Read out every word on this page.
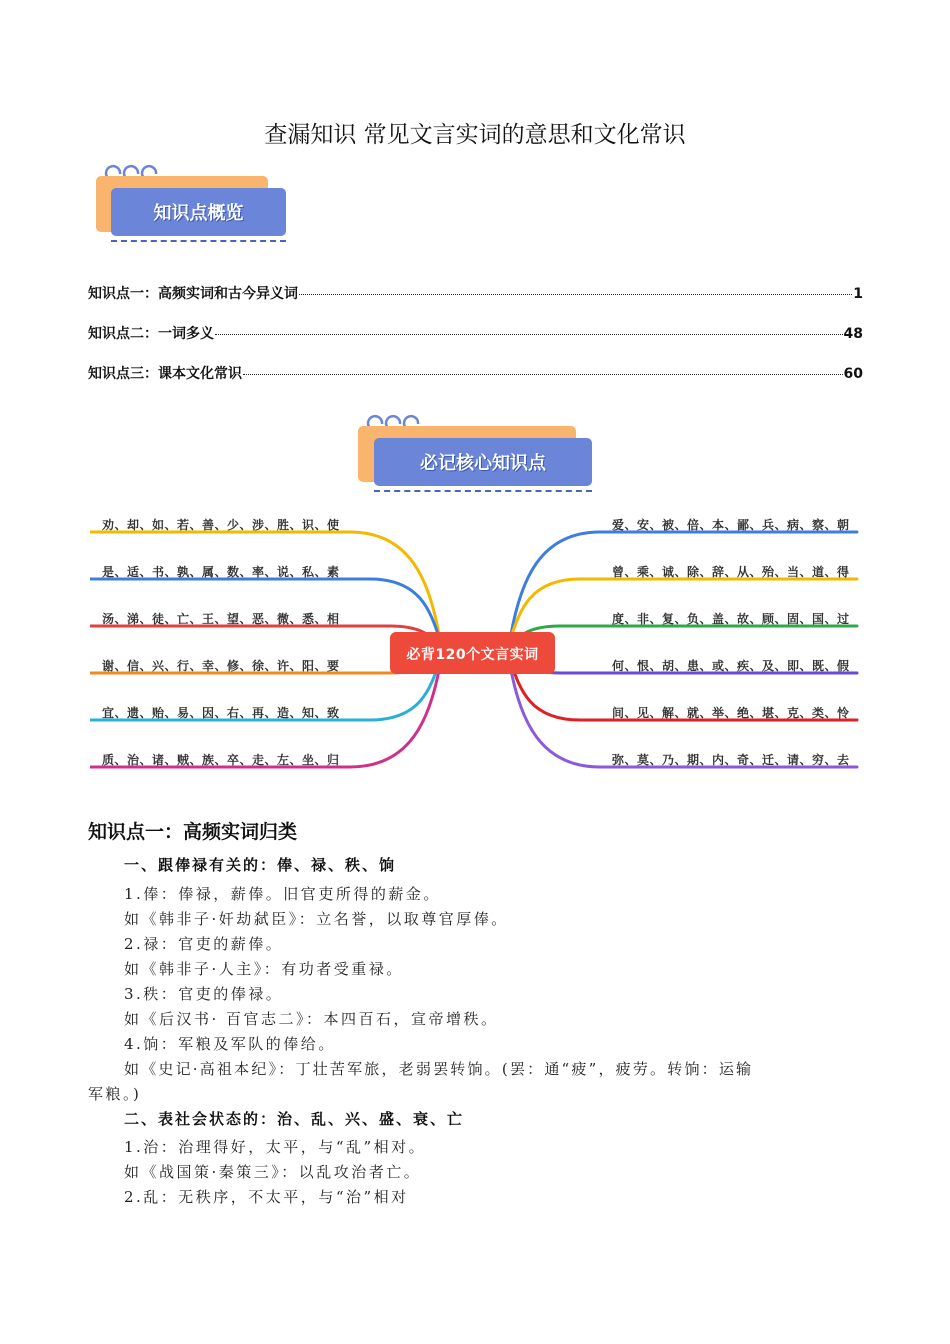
查漏知识 常见文言实词的意思和文化常识
知识点概览
知识点一：高频实词和古今异义词	1
知识点二：一词多义	48
知识点三：课本文化常识	60
必记核心知识点
必背120个文言实词
劝、却、如、若、善、少、涉、胜、识、使
是、适、书、孰、属、数、率、说、私、素
汤、涕、徒、亡、王、望、恶、微、悉、相
谢、信、兴、行、幸、修、徐、许、阳、要
宜、遗、贻、易、因、右、再、造、知、致
质、治、诸、贼、族、卒、走、左、坐、归
爱、安、被、倍、本、鄙、兵、病、察、朝
曾、乘、诚、除、辞、从、殆、当、道、得
度、非、复、负、盖、故、顾、固、国、过
何、恨、胡、患、或、疾、及、即、既、假
间、见、解、就、举、绝、堪、克、类、怜
弥、莫、乃、期、内、奇、迁、请、穷、去
知识点一：高频实词归类
一、跟俸禄有关的：俸、禄、秩、饷
1.俸：俸禄，薪俸。旧官吏所得的薪金。
如《韩非子·奸劫弑臣》：立名誉，以取尊官厚俸。
2.禄：官吏的薪俸。
如《韩非子·人主》：有功者受重禄。
3.秩：官吏的俸禄。
如《后汉书· 百官志二》：本四百石，宣帝增秩。
4.饷：军粮及军队的俸给。
如《史记·高祖本纪》：丁壮苦军旅，老弱罢转饷。(罢：通“疲”，疲劳。转饷：运输
军粮。)
二、表社会状态的：治、乱、兴、盛、衰、亡
1.治：治理得好，太平，与“乱”相对。
如《战国策·秦策三》：以乱攻治者亡。
2.乱：无秩序，不太平，与“治”相对
